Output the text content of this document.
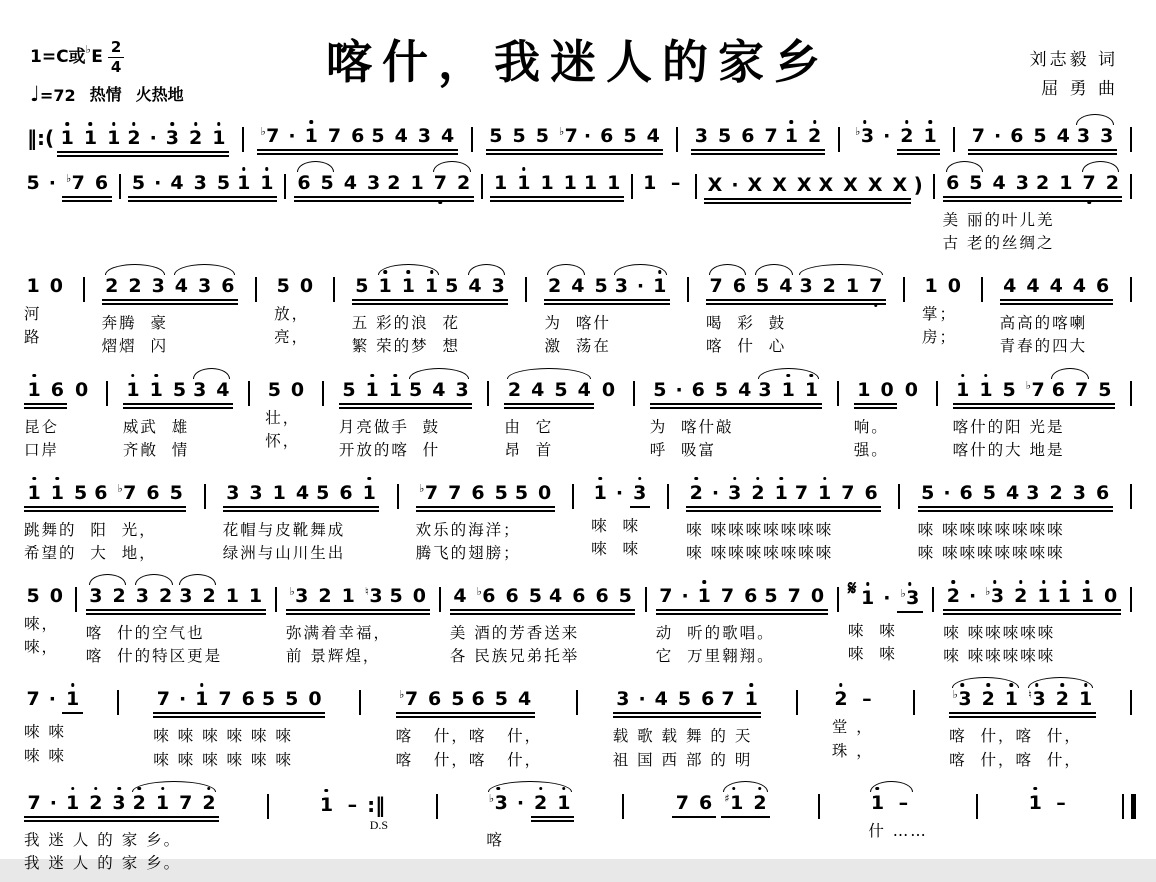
1=C或 ♭ E $\frac{2}{4}$
♩=72 热情 火热地
喀什，我迷人的家乡	刘志毅 词
屈 勇 曲
‖:( 1 1 1 2 · 3 2 1	♭7 · 1 7 6 5 4 3 4 5 5 5 ♭7 · 6 5 4 3 5 6 7 1 2	♭3 · 2 1 7 · 6 5 4 3 3
5 · ♭7 6 5 · 4 3 5 1 1 6 5 4 3 2 1 7 2 1 1 1 1 1 1 1 –	X · X X X X X X X ) 6 5 4 3 2 1 7 2
美 丽的叶儿羌
古 老的丝绸之
1 0
河
路
2 2 3 4 3 6
奔腾  豪
熠熠  闪
5 0
放，
亮，
5 1 1 1 5 4 3
五 彩的浪  花
繁 荣的梦  想
2 4 5 3 · 1
为  喀什
激  荡在
7 6 5 4 3 2 1 7
喝  彩  鼓
喀  什  心
1 0
掌；
房；
4 4 4 4 6
高高的喀喇
青春的四大
1 6 0
昆仑
口岸
1 1 5 3 4
威武  雄
齐敞  情
5 0
壮，
怀，
5 1 1 5 4 3
月亮做手  鼓
开放的喀  什
2 4 5 4 0
由  它
昂  首
5 · 6 5 4 3 1 1
为  喀什敲
呼  吸富
1 0 0
响。
强。
1 1 5 ♭7 6 7 5
喀什的阳 光是
喀什的大 地是
1 1 5 6 ♭7 6 5
跳舞的  阳  光，
希望的  大  地，
3 3 1 4 5 6 1
花帽与皮靴舞成
绿洲与山川生出
♭7 7 6 5 5 0
欢乐的海洋；
腾飞的翅膀；
1 · 3
唻  唻
唻  唻
2 · 3 2 1 7 1 7 6
唻 唻唻唻唻唻唻唻
唻 唻唻唻唻唻唻唻
5 · 6 5 4 3 2 3 6
唻 唻唻唻唻唻唻唻
唻 唻唻唻唻唻唻唻
5 0
唻，
唻，
3 2 3 2 3 2 1 1
喀  什的空气也
喀  什的特区更是
♭3 2 1 ♮3 5 0
弥满着幸福，
前 景辉煌，
4 ♭6 6 5 4 6 6 5
美 酒的芳香送来
各 民族兄弟托举
7 · 1 7 6 5 7 0
动  听的歌唱。
它  万里翱翔。
𝄋 1 · ♭3
唻  唻
唻  唻
2 · ♭3 2 1 1 1 0
唻 唻唻唻唻唻
唻 唻唻唻唻唻
7 · 1
唻 唻
唻 唻
7 · 1 7 6 5 5 0
唻 唻 唻 唻 唻 唻
唻 唻 唻 唻 唻 唻
♭7 6 5 6 5 4
喀   什，喀   什，
喀   什，喀   什，
3 · 4 5 6 7 1
载 歌 载 舞 的 天
祖 国 西 部 的 明
2 –
堂 ，
珠 ，
♭3 2 1 ♮3 2 1
喀  什，喀  什，
喀  什，喀  什，
7 · 1 2 3 2 1 7 2
我 迷 人 的 家 乡。
我 迷 人 的 家 乡。
1 – :‖
D.S
♭3 · 2 1
喀
7 6 ♯1 2	1 –
什 ……
1 –
